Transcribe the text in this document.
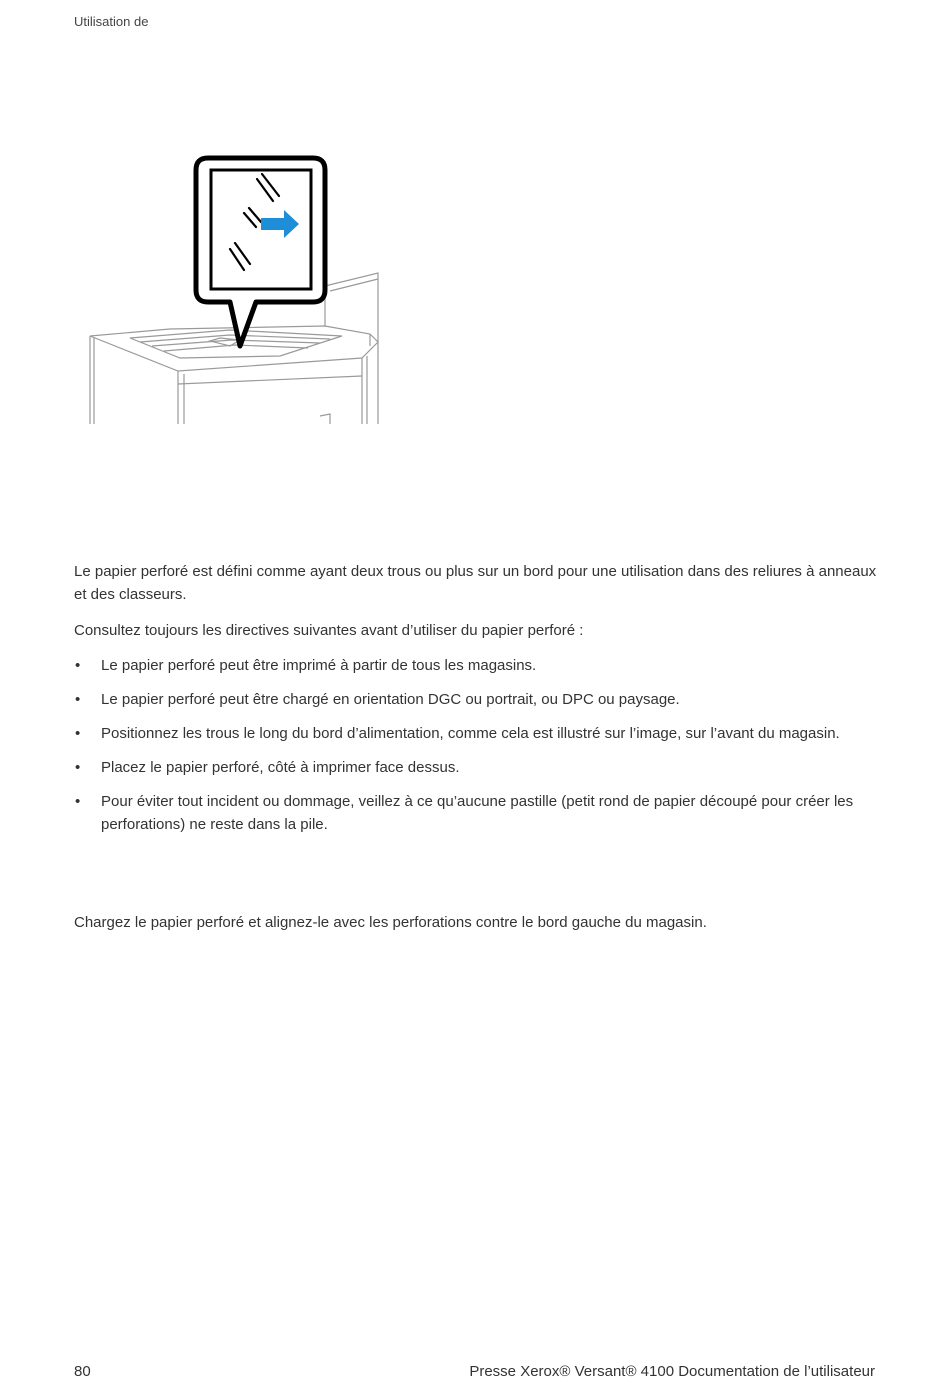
Utilisation de
Le papier perforé est défini comme ayant deux trous ou plus sur un bord pour une utilisation dans des reliures à anneaux et des classeurs.
Consultez toujours les directives suivantes avant d’utiliser du papier perforé :
• Le papier perforé peut être imprimé à partir de tous les magasins.
• Le papier perforé peut être chargé en orientation DGC ou portrait, ou DPC ou paysage.
• Positionnez les trous le long du bord d’alimentation, comme cela est illustré sur l’image, sur l’avant du magasin.
• Placez le papier perforé, côté à imprimer face dessus.
• Pour éviter tout incident ou dommage, veillez à ce qu’aucune pastille (petit rond de papier découpé pour créer les perforations) ne reste dans la pile.
Chargez le papier perforé et alignez-le avec les perforations contre le bord gauche du magasin.
80	Presse Xerox® Versant® 4100 Documentation de l’utilisateur
